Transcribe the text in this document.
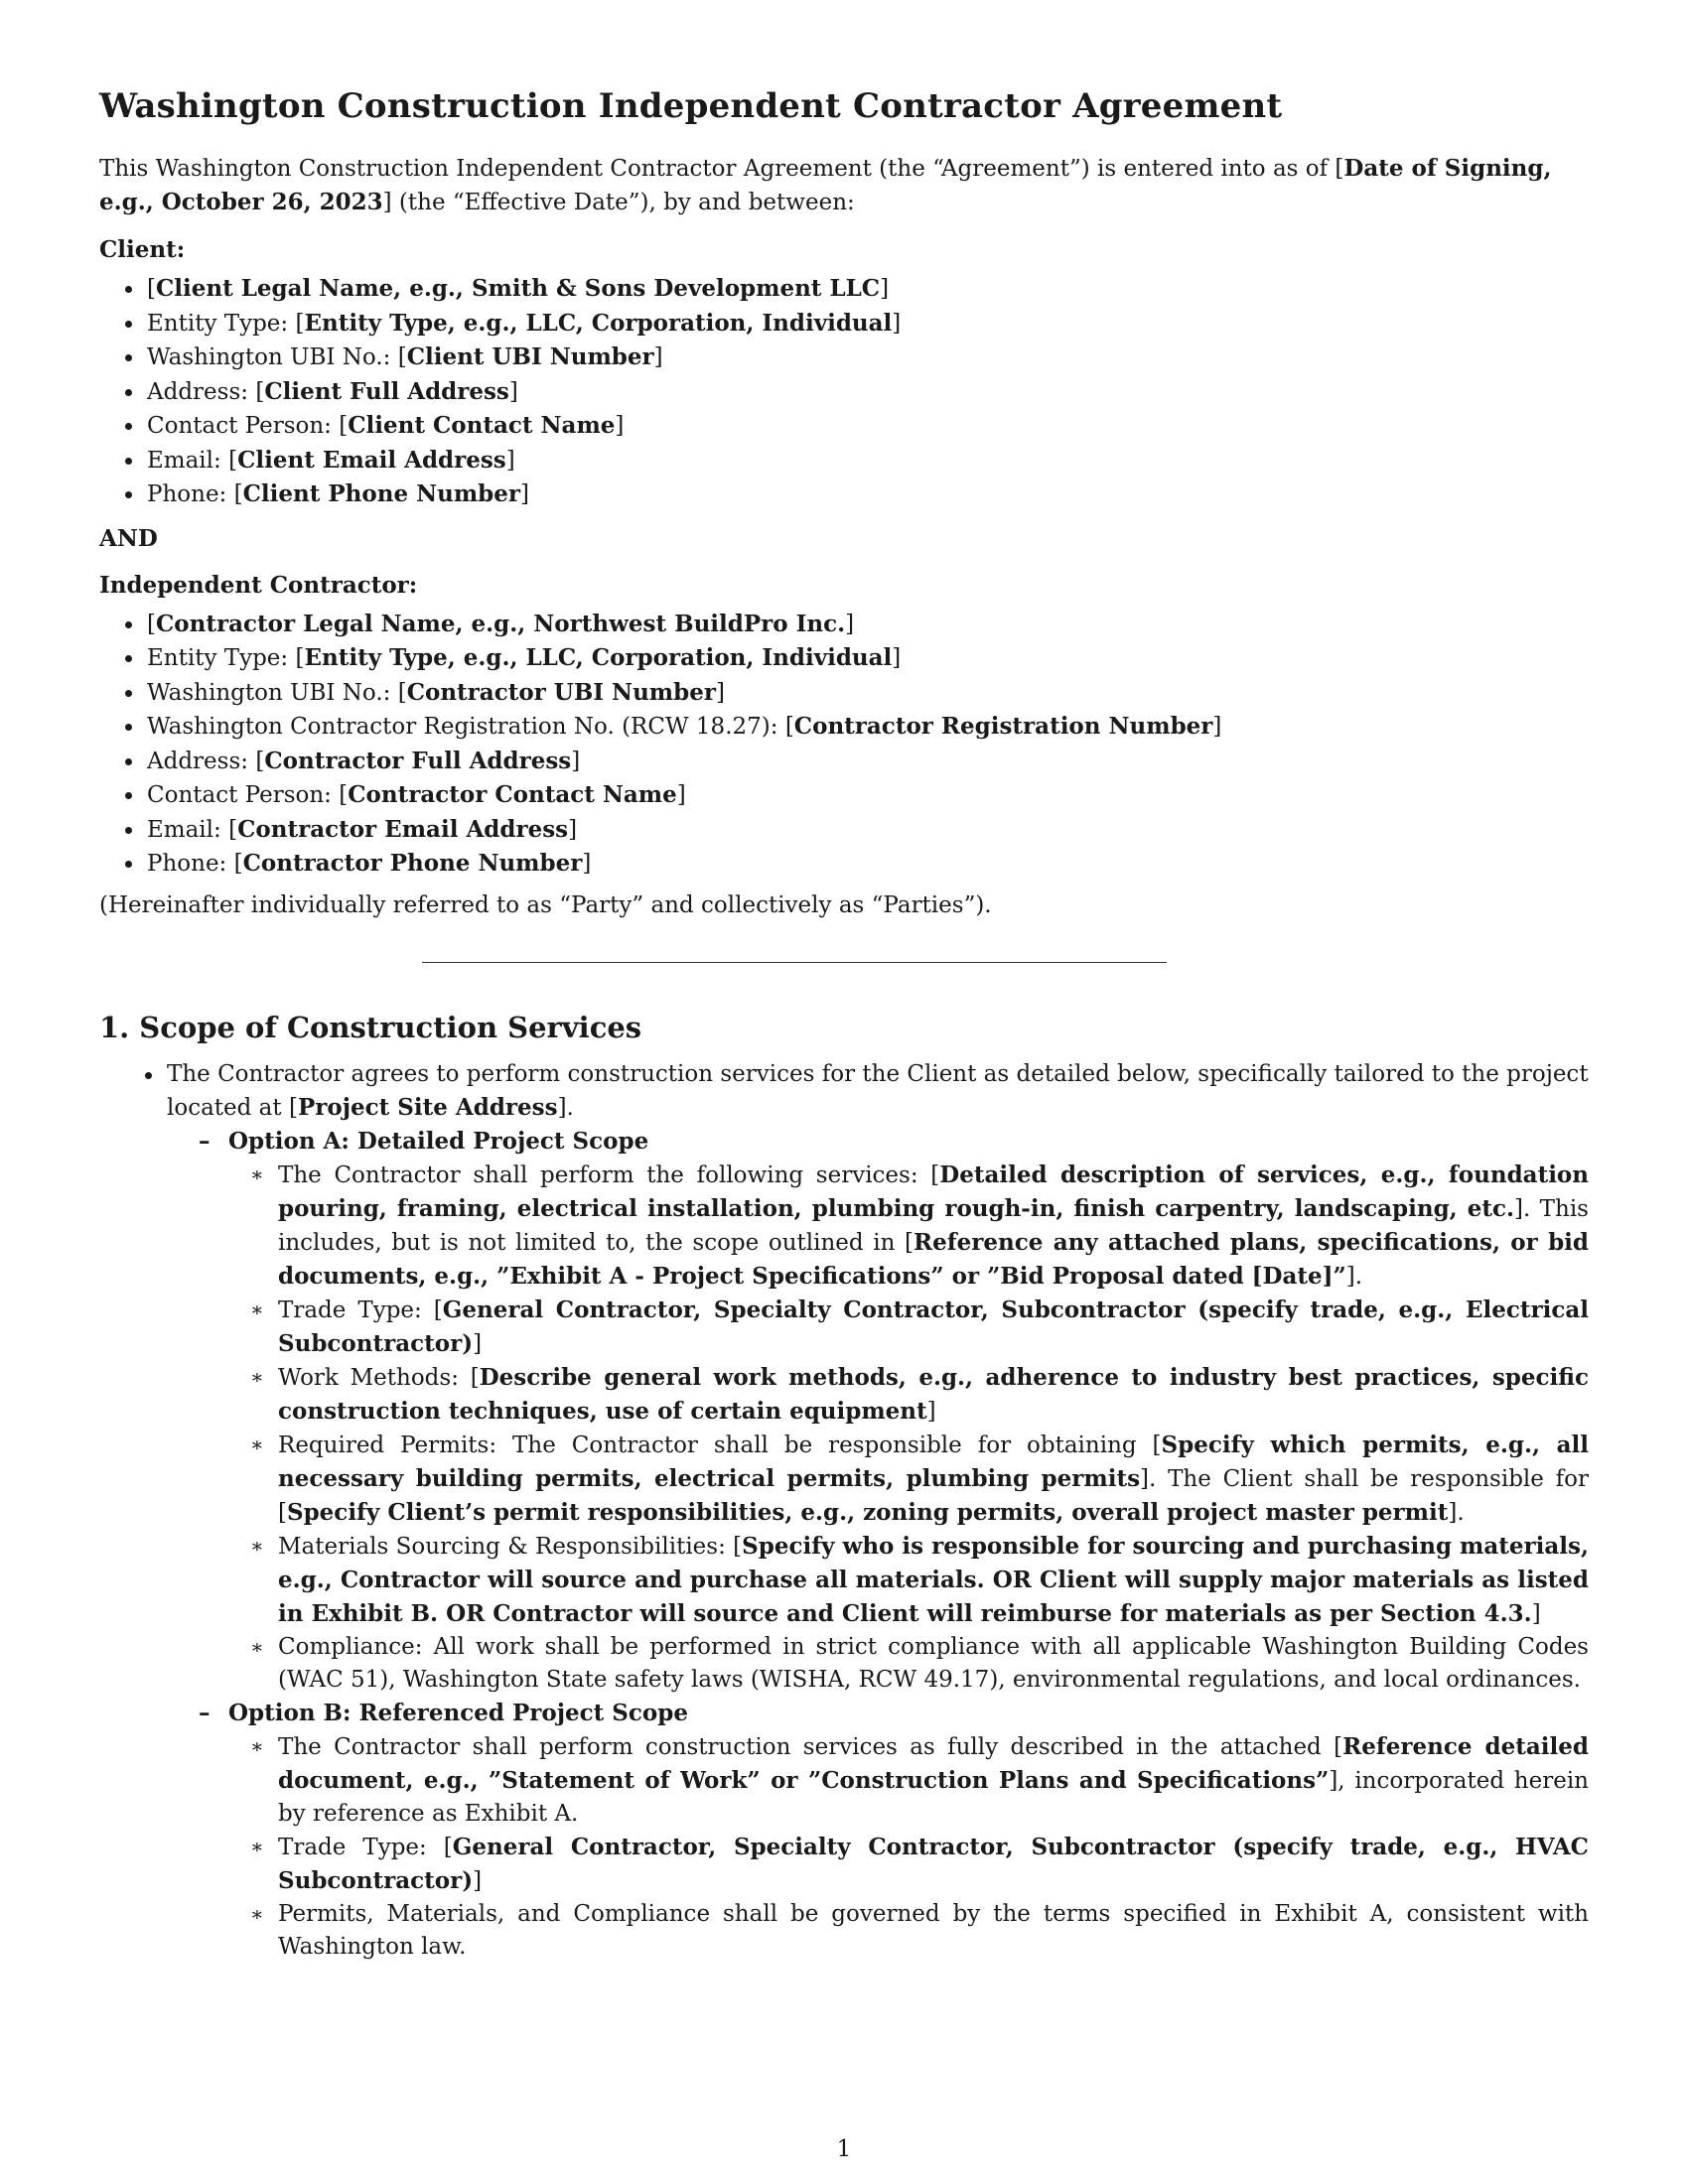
Washington Construction Independent Contractor Agreement

This Washington Construction Independent Contractor Agreement (the “Agreement”) is entered into as of [Date of Signing, e.g., October 26, 2023] (the “Effective Date”), by and between:

Client:
[Client Legal Name, e.g., Smith & Sons Development LLC]
Entity Type: [Entity Type, e.g., LLC, Corporation, Individual]
Washington UBI No.: [Client UBI Number]
Address: [Client Full Address]
Contact Person: [Client Contact Name]
Email: [Client Email Address]
Phone: [Client Phone Number]
AND
Independent Contractor:
[Contractor Legal Name, e.g., Northwest BuildPro Inc.]
Entity Type: [Entity Type, e.g., LLC, Corporation, Individual]
Washington UBI No.: [Contractor UBI Number]
Washington Contractor Registration No. (RCW 18.27): [Contractor Registration Number]
Address: [Contractor Full Address]
Contact Person: [Contractor Contact Name]
Email: [Contractor Email Address]
Phone: [Contractor Phone Number]

(Hereinafter individually referred to as “Party” and collectively as “Parties”).

1. Scope of Construction Services
The Contractor agrees to perform construction services for the Client as detailed below, specifically tailored to the project located at [Project Site Address].
– Option A: Detailed Project Scope
∗ The Contractor shall perform the following services: [Detailed description of services, e.g., foundation pouring, framing, electrical installation, plumbing rough-in, finish carpentry, landscaping, etc.]. This includes, but is not limited to, the scope outlined in [Reference any attached plans, specifications, or bid documents, e.g., ”Exhibit A - Project Specifications” or ”Bid Proposal dated [Date]”].
∗ Trade Type: [General Contractor, Specialty Contractor, Subcontractor (specify trade, e.g., Electrical Subcontractor)]
∗ Work Methods: [Describe general work methods, e.g., adherence to industry best practices, specific construction techniques, use of certain equipment]
∗ Required Permits: The Contractor shall be responsible for obtaining [Specify which permits, e.g., all necessary building permits, electrical permits, plumbing permits]. The Client shall be responsible for [Specify Client’s permit responsibilities, e.g., zoning permits, overall project master permit].
∗ Materials Sourcing & Responsibilities: [Specify who is responsible for sourcing and purchasing materials, e.g., Contractor will source and purchase all materials. OR Client will supply major materials as listed in Exhibit B. OR Contractor will source and Client will reimburse for materials as per Section 4.3.]
∗ Compliance: All work shall be performed in strict compliance with all applicable Washington Building Codes (WAC 51), Washington State safety laws (WISHA, RCW 49.17), environmental regulations, and local ordinances.
– Option B: Referenced Project Scope
∗ The Contractor shall perform construction services as fully described in the attached [Reference detailed document, e.g., ”Statement of Work” or ”Construction Plans and Specifications”], incorporated herein by reference as Exhibit A.
∗ Trade Type: [General Contractor, Specialty Contractor, Subcontractor (specify trade, e.g., HVAC Subcontractor)]
∗ Permits, Materials, and Compliance shall be governed by the terms specified in Exhibit A, consistent with Washington law.
1
